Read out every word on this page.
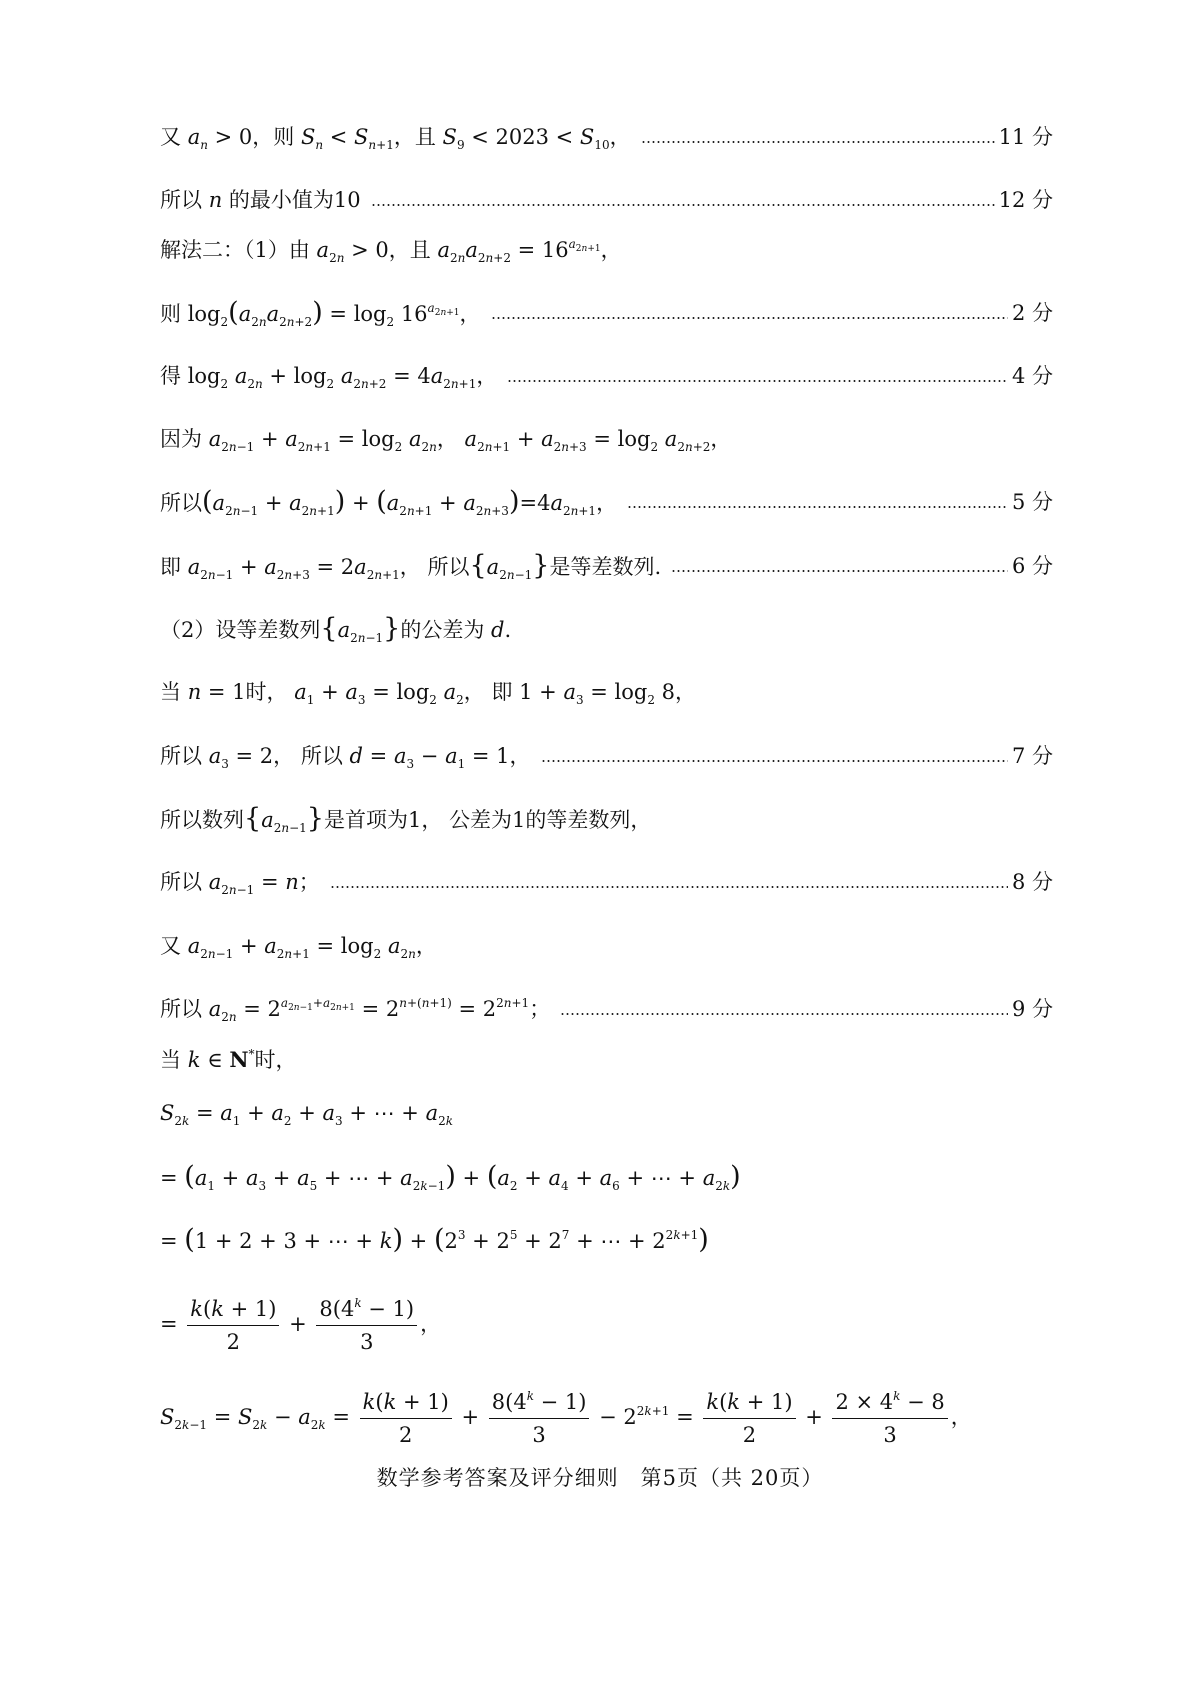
又 $a_n > 0$，则 $S_n < S_{n+1}$，且 $S_9 < 2023 < S_{10}$，	11 分
所以 n 的最小值为10	12 分
解法二：（1）由 $a_{2n} > 0$，且 $a_{2n}a_{2n+2} = 16^{a_{2n+1}}$，
则 $\log_2(a_{2n}a_{2n+2}) = \log_2 16^{a_{2n+1}}$，	2 分
得 $\log_2 a_{2n} + \log_2 a_{2n+2} = 4a_{2n+1}$，	4 分
因为 $a_{2n-1} + a_{2n+1} = \log_2 a_{2n}$， $a_{2n+1} + a_{2n+3} = \log_2 a_{2n+2}$，
所以$(a_{2n-1} + a_{2n+1}) + (a_{2n+1} + a_{2n+3})=4a_{2n+1}$，	5 分
即 $a_{2n-1} + a_{2n+3} = 2a_{2n+1}$， 所以$\{a_{2n-1}\}$是等差数列.	6 分
（2）设等差数列$\{a_{2n-1}\}$的公差为 d.
当 n = 1时， $a_1 + a_3 = \log_2 a_2$， 即 $1 + a_3 = \log_2 8$，
所以 $a_3 = 2$， 所以 $d = a_3 - a_1 = 1$，	7 分
所以数列$\{a_{2n-1}\}$是首项为1， 公差为1的等差数列，
所以 $a_{2n-1} = n$；	8 分
又 $a_{2n-1} + a_{2n+1} = \log_2 a_{2n}$，
所以 $a_{2n} = 2^{a_{2n-1}+a_{2n+1}} = 2^{n+(n+1)} = 2^{2n+1}$；	9 分
当 k ∈ N*时，
$S_{2k} = a_1 + a_2 + a_3$ + ⋯ + $a_{2k}$
= ($a_1 + a_3 + a_5$ + ⋯ + $a_{2k-1}) + (a_2 + a_4 + a_6$ + ⋯ + $a_{2k}$)
= (1 + 2 + 3 + ⋯ + $k) + (2^3 + 2^5 + 2^7$ + ⋯ + $2^{2k+1}$)
= $\frac{k(k + 1)}{2} + \frac{8(4^k - 1)}{3}$ ，
$S_{2k-1} = S_{2k} - a_{2k} = \frac{k(k + 1)}{2} + \frac{8(4^k - 1)}{3} - 2^{2k+1} = \frac{k(k + 1)}{2} + \frac{2 \times 4^k - 8}{3}$ ，
数学参考答案及评分细则　第5页（共 20页）
